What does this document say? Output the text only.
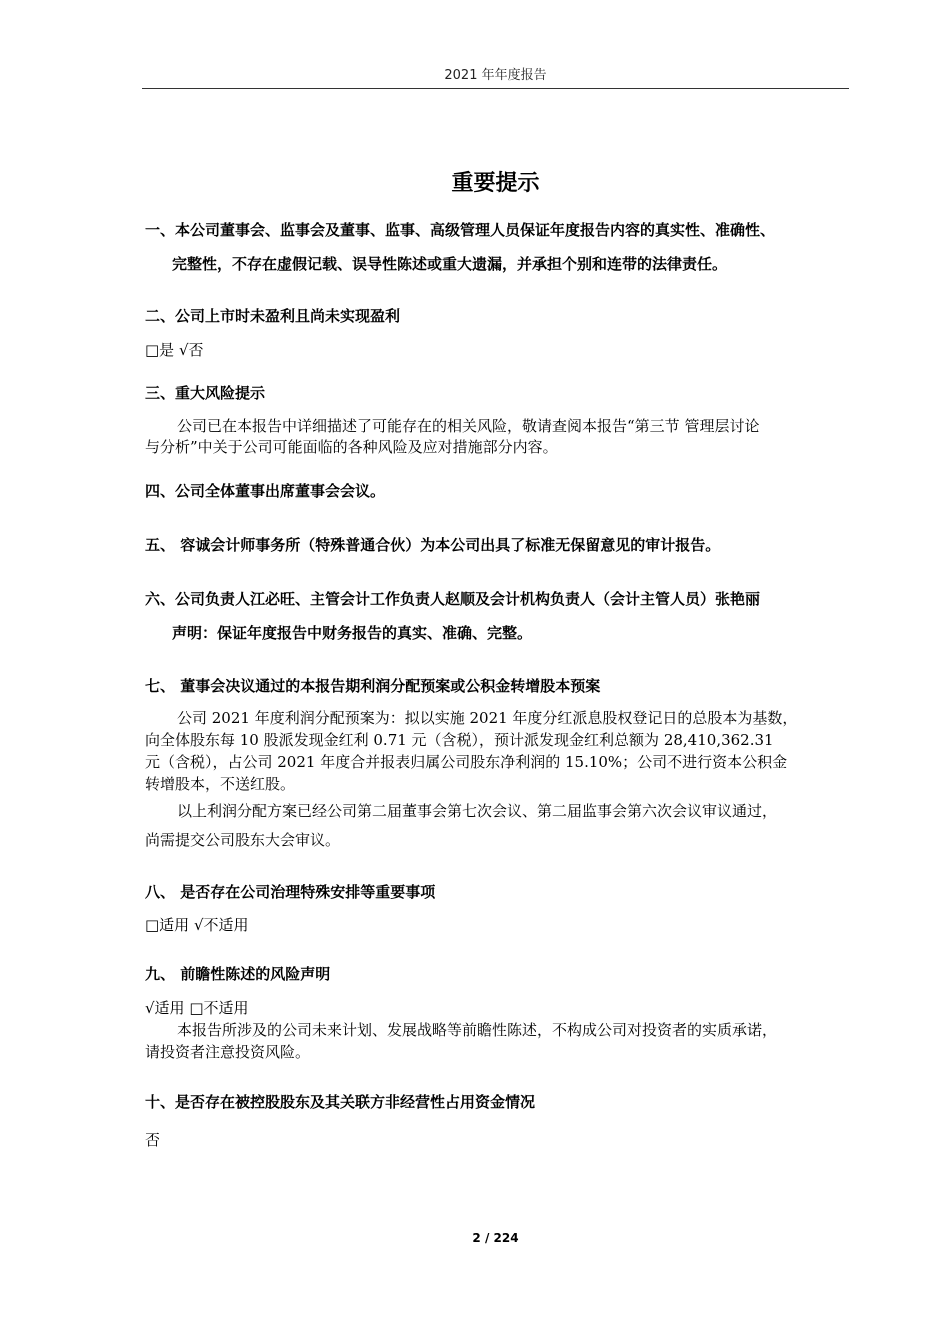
2021 年年度报告
重要提示
一、本公司董事会、监事会及董事、监事、高级管理人员保证年度报告内容的真实性、准确性、
完整性，不存在虚假记载、误导性陈述或重大遗漏，并承担个别和连带的法律责任。
二、公司上市时未盈利且尚未实现盈利
□是 √否
三、重大风险提示
公司已在本报告中详细描述了可能存在的相关风险，敬请查阅本报告“第三节 管理层讨论
与分析”中关于公司可能面临的各种风险及应对措施部分内容。
四、公司全体董事出席董事会会议。
五、 容诚会计师事务所（特殊普通合伙）为本公司出具了标准无保留意见的审计报告。
六、公司负责人江必旺、主管会计工作负责人赵顺及会计机构负责人（会计主管人员）张艳丽
声明：保证年度报告中财务报告的真实、准确、完整。
七、 董事会决议通过的本报告期利润分配预案或公积金转增股本预案
公司 2021 年度利润分配预案为：拟以实施 2021 年度分红派息股权登记日的总股本为基数，
向全体股东每 10 股派发现金红利 0.71 元（含税），预计派发现金红利总额为 28,410,362.31
元（含税），占公司 2021 年度合并报表归属公司股东净利润的 15.10%；公司不进行资本公积金
转增股本，不送红股。
以上利润分配方案已经公司第二届董事会第七次会议、第二届监事会第六次会议审议通过，
尚需提交公司股东大会审议。
八、 是否存在公司治理特殊安排等重要事项
□适用 √不适用
九、 前瞻性陈述的风险声明
√适用 □不适用
本报告所涉及的公司未来计划、发展战略等前瞻性陈述，不构成公司对投资者的实质承诺，
请投资者注意投资风险。
十、是否存在被控股股东及其关联方非经营性占用资金情况
否
2 / 224
